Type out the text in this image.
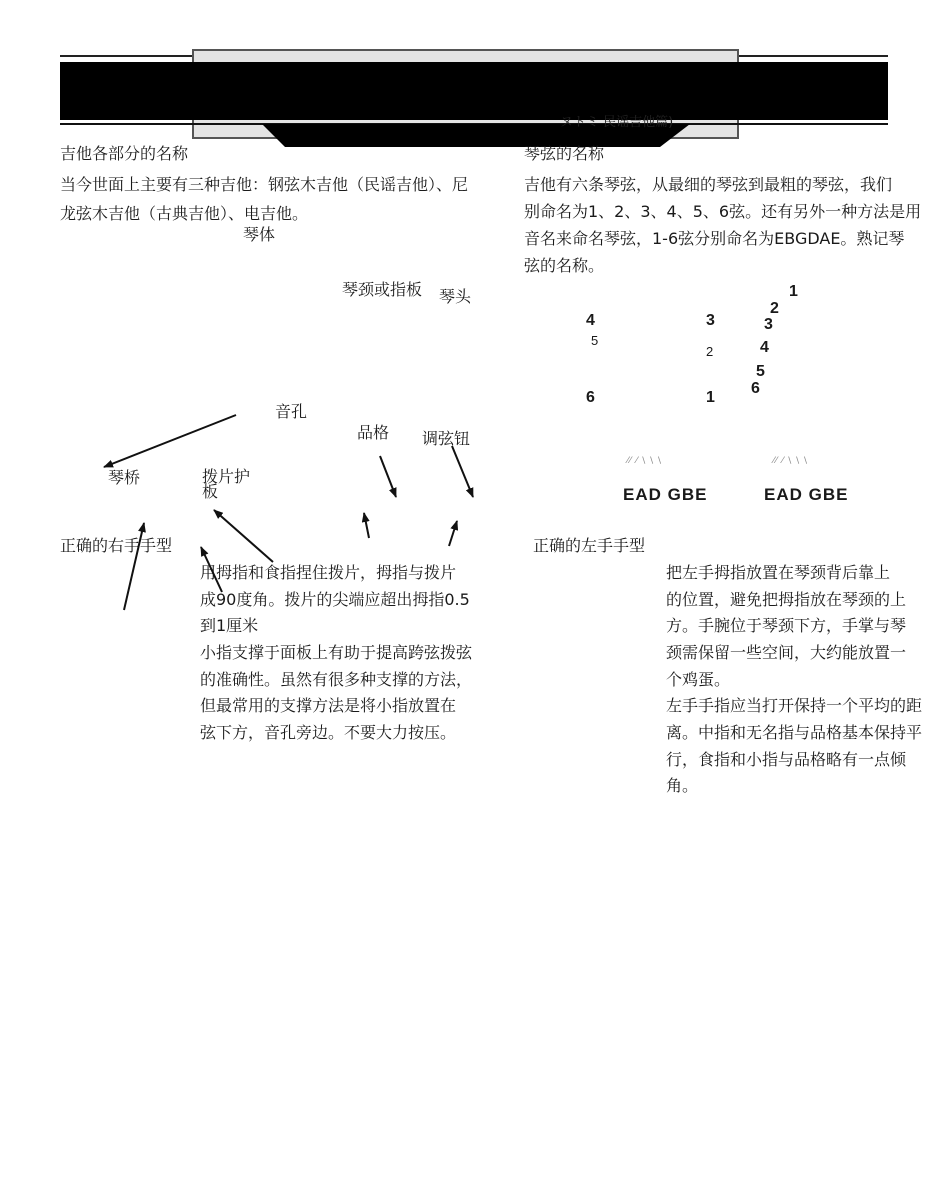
ヌトミ 民谣吉他篇)
吉他各部分的名称
当今世面上主要有三种吉他：钢弦木吉他（民谣吉他）、尼
龙弦木吉他（古典吉他）、电吉他。
琴体
琴颈或指板 琴头
音孔
品格 调弦钮
琴桥	拨片护
板
正确的右手手型
用拇指和食指捏住拨片，拇指与拨片
成90度角。拨片的尖端应超出拇指0.5
到1厘米
小指支撑于面板上有助于提高跨弦拨弦
的准确性。虽然有很多种支撑的方法，
但最常用的支撑方法是将小指放置在
弦下方，音孔旁边。不要大力按压。
琴弦的名称
吉他有六条琴弦，从最细的琴弦到最粗的琴弦，我们
别命名为1、2、3、4、5、6弦。还有另外一种方法是用
音名来命名琴弦，1-6弦分别命名为EBGDAE。熟记琴
弦的名称。
4
5
6
3
2
1
⁄⁄ ⁄ \ \ \
EAD GBE
1
2
3
4
5
6
⁄⁄ ⁄ \ \ \
EAD GBE
正确的左手手型
把左手拇指放置在琴颈背后靠上
的位置，避免把拇指放在琴颈的上
方。手腕位于琴颈下方，手掌与琴
颈需保留一些空间，大约能放置一
个鸡蛋。
左手手指应当打开保持一个平均的距
离。中指和无名指与品格基本保持平
行，食指和小指与品格略有一点倾
角。
